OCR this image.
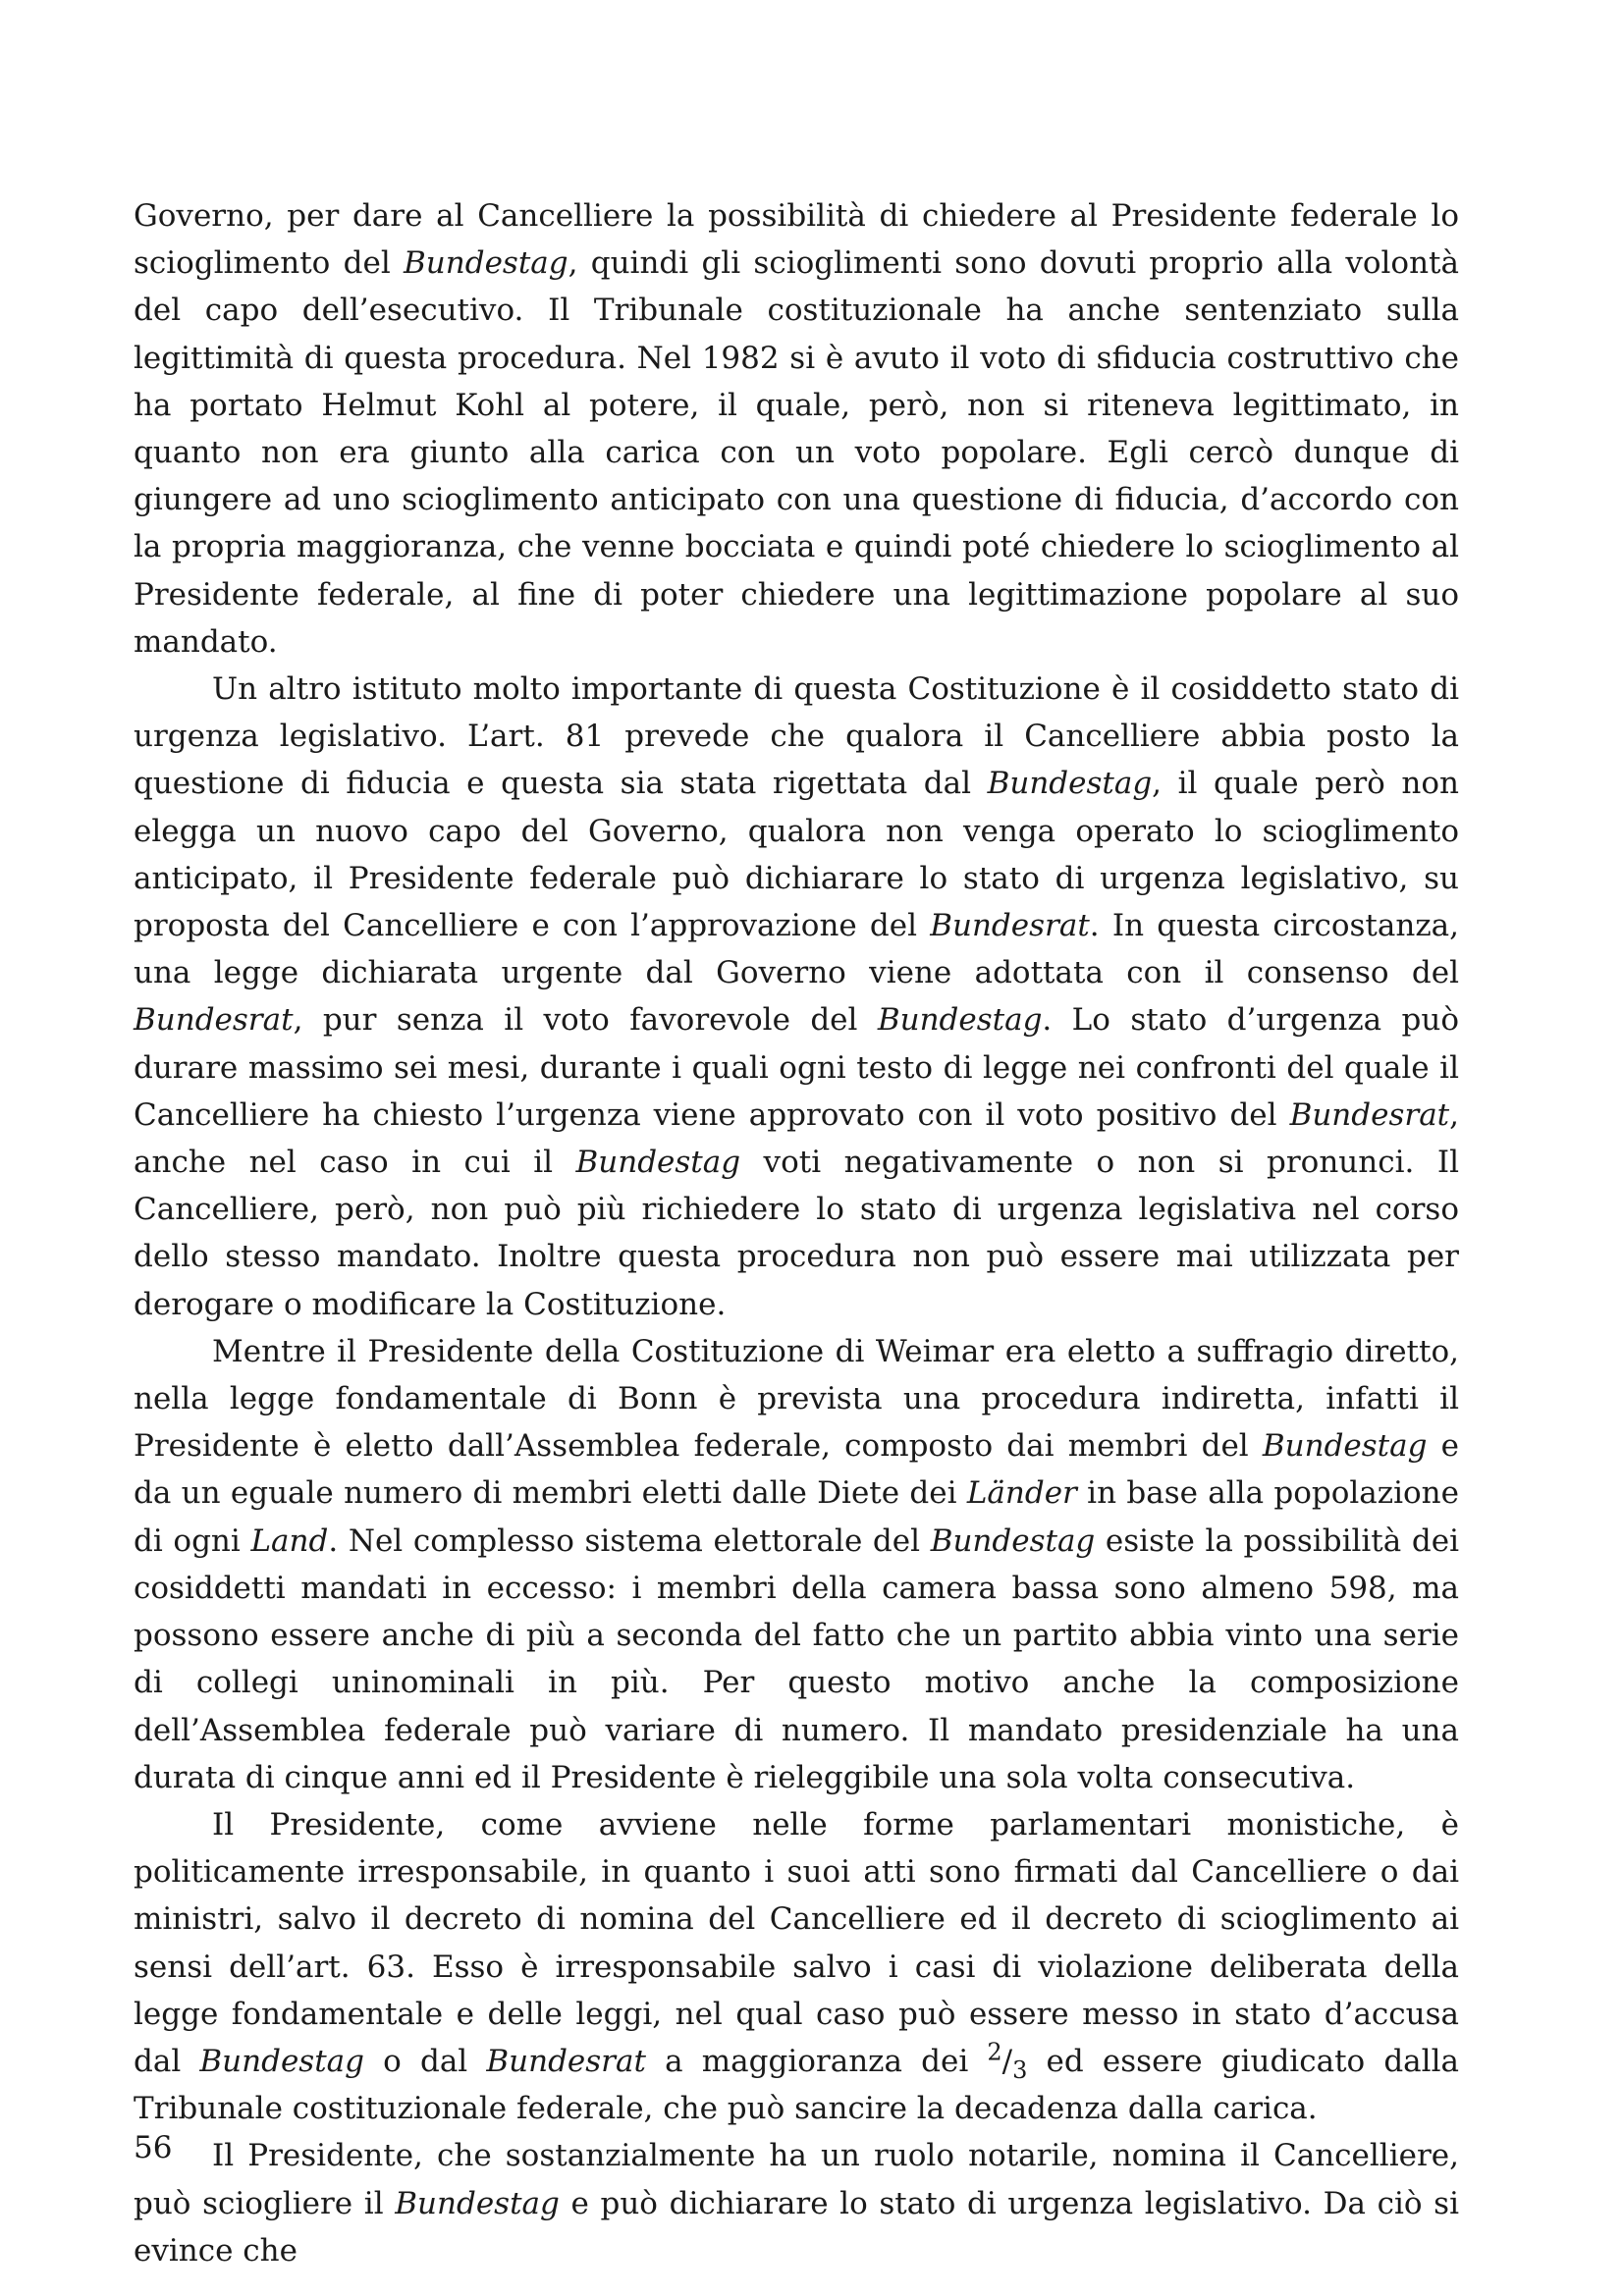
Governo, per dare al Cancelliere la possibilità di chiedere al Presidente federale lo scioglimento del Bundestag, quindi gli scioglimenti sono dovuti proprio alla volontà del capo dell’esecutivo. Il Tribunale costituzionale ha anche sentenziato sulla legittimità di questa procedura. Nel 1982 si è avuto il voto di sfiducia costruttivo che ha portato Helmut Kohl al potere, il quale, però, non si riteneva legittimato, in quanto non era giunto alla carica con un voto popolare. Egli cercò dunque di giungere ad uno scioglimento anticipato con una questione di fiducia, d’accordo con la propria maggioranza, che venne bocciata e quindi poté chiedere lo scioglimento al Presidente federale, al fine di poter chiedere una legittimazione popolare al suo mandato.

Un altro istituto molto importante di questa Costituzione è il cosiddetto stato di urgenza legislativo. L’art. 81 prevede che qualora il Cancelliere abbia posto la questione di fiducia e questa sia stata rigettata dal Bundestag, il quale però non elegga un nuovo capo del Governo, qualora non venga operato lo scioglimento anticipato, il Presidente federale può dichiarare lo stato di urgenza legislativo, su proposta del Cancelliere e con l’approvazione del Bundesrat. In questa circostanza, una legge dichiarata urgente dal Governo viene adottata con il consenso del Bundesrat, pur senza il voto favorevole del Bundestag. Lo stato d’urgenza può durare massimo sei mesi, durante i quali ogni testo di legge nei confronti del quale il Cancelliere ha chiesto l’urgenza viene approvato con il voto positivo del Bundesrat, anche nel caso in cui il Bundestag voti negativamente o non si pronunci. Il Cancelliere, però, non può più richiedere lo stato di urgenza legislativa nel corso dello stesso mandato. Inoltre questa procedura non può essere mai utilizzata per derogare o modificare la Costituzione.

Mentre il Presidente della Costituzione di Weimar era eletto a suffragio diretto, nella legge fondamentale di Bonn è prevista una procedura indiretta, infatti il Presidente è eletto dall’Assemblea federale, composto dai membri del Bundestag e da un eguale numero di membri eletti dalle Diete dei Länder in base alla popolazione di ogni Land. Nel complesso sistema elettorale del Bundestag esiste la possibilità dei cosiddetti mandati in eccesso: i membri della camera bassa sono almeno 598, ma possono essere anche di più a seconda del fatto che un partito abbia vinto una serie di collegi uninominali in più. Per questo motivo anche la composizione dell’Assemblea federale può variare di numero. Il mandato presidenziale ha una durata di cinque anni ed il Presidente è rieleggibile una sola volta consecutiva.

Il Presidente, come avviene nelle forme parlamentari monistiche, è politicamente irresponsabile, in quanto i suoi atti sono firmati dal Cancelliere o dai ministri, salvo il decreto di nomina del Cancelliere ed il decreto di scioglimento ai sensi dell’art. 63. Esso è irresponsabile salvo i casi di violazione deliberata della legge fondamentale e delle leggi, nel qual caso può essere messo in stato d’accusa dal Bundestag o dal Bundesrat a maggioranza dei $^2/_3$ ed essere giudicato dalla Tribunale costituzionale federale, che può sancire la decadenza dalla carica.

Il Presidente, che sostanzialmente ha un ruolo notarile, nomina il Cancelliere, può sciogliere il Bundestag e può dichiarare lo stato di urgenza legislativo. Da ciò si evince che

56
